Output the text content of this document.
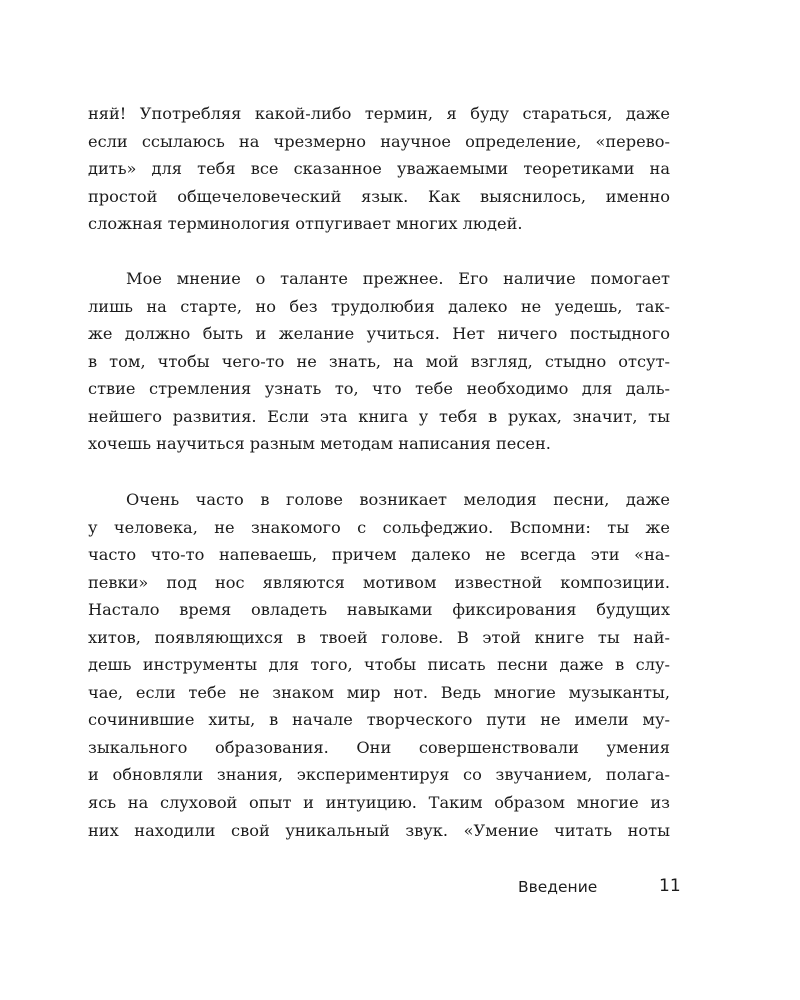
няй! Употребляя какой-либо термин, я буду стараться, даже
если ссылаюсь на чрезмерно научное определение, «перево-
дить» для тебя все сказанное уважаемыми теоретиками на
простой общечеловеческий язык. Как выяснилось, именно
сложная терминология отпугивает многих людей.
Мое мнение о таланте прежнее. Его наличие помогает
лишь на старте, но без трудолюбия далеко не уедешь, так-
же должно быть и желание учиться. Нет ничего постыдного
в том, чтобы чего-то не знать, на мой взгляд, стыдно отсут-
ствие стремления узнать то, что тебе необходимо для даль-
нейшего развития. Если эта книга у тебя в руках, значит, ты
хочешь научиться разным методам написания песен.
Очень часто в голове возникает мелодия песни, даже
у человека, не знакомого с сольфеджио. Вспомни: ты же
часто что-то напеваешь, причем далеко не всегда эти «на-
певки» под нос являются мотивом известной композиции.
Настало время овладеть навыками фиксирования будущих
хитов, появляющихся в твоей голове. В этой книге ты най-
дешь инструменты для того, чтобы писать песни даже в слу-
чае, если тебе не знаком мир нот. Ведь многие музыканты,
сочинившие хиты, в начале творческого пути не имели му-
зыкального образования. Они совершенствовали умения
и обновляли знания, экспериментируя со звучанием, полага-
ясь на слуховой опыт и интуицию. Таким образом многие из
них находили свой уникальный звук. «Умение читать ноты
Введение	11
